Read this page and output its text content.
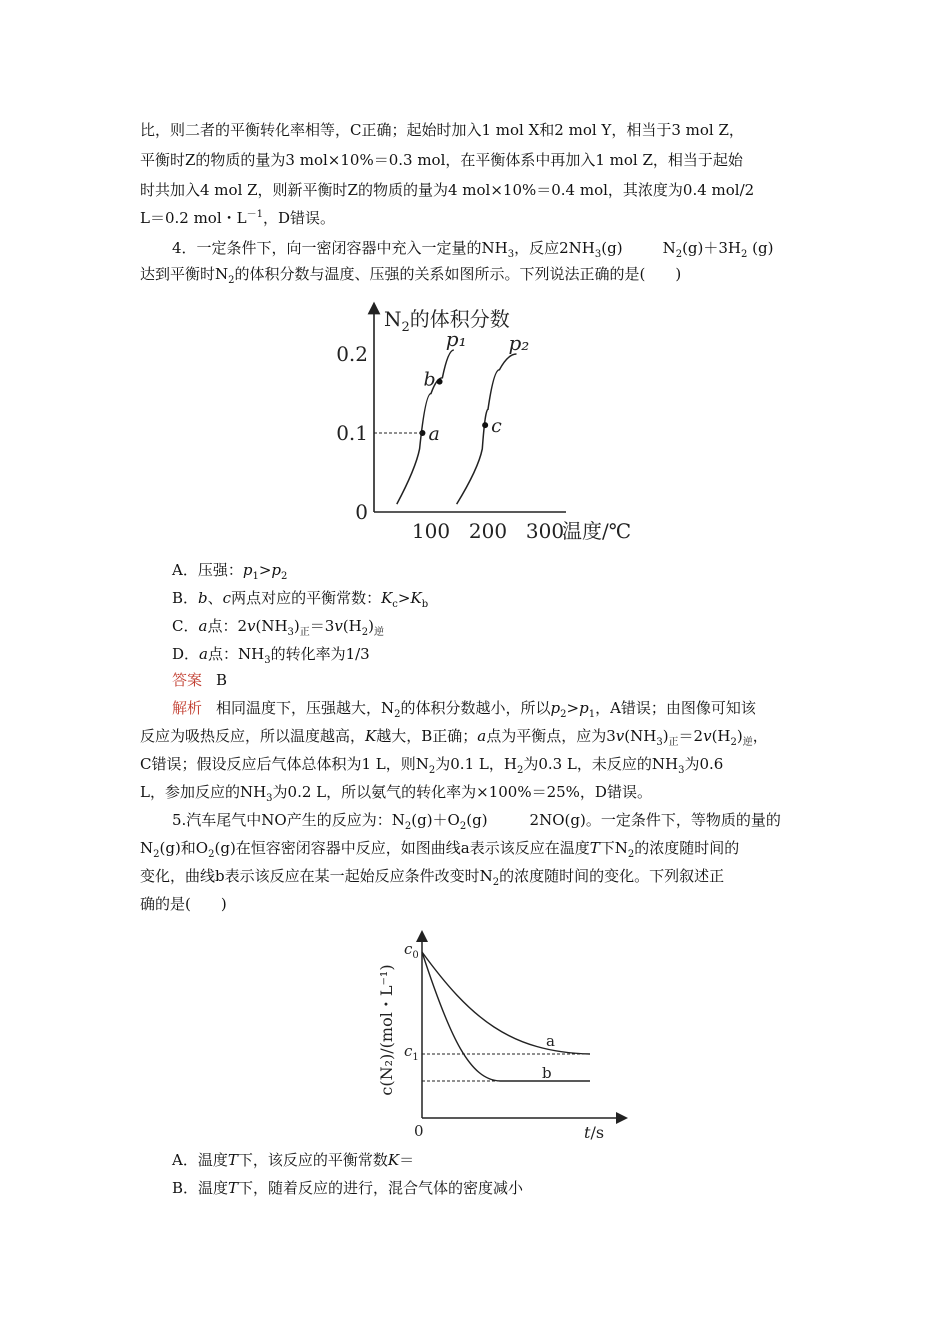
比，则二者的平衡转化率相等，C正确；起始时加入1 mol X和2 mol Y，相当于3 mol Z，
平衡时Z的物质的量为3 mol×10%＝0.3 mol，在平衡体系中再加入1 mol Z，相当于起始
时共加入4 mol Z，则新平衡时Z的物质的量为4 mol×10%＝0.4 mol，其浓度为0.4 mol/2
L＝0.2 mol・$L^{-1}$，D错误。
4．一定条件下，向一密闭容器中充入一定量的$NH_3$，反应$2NH_3(g)$	$N_2(g)+3H_2$ (g)
达到平衡时$N_2$的体积分数与温度、压强的关系如图所示。下列说法正确的是(　　)
$N_2$的体积分数
温度/℃
100 200 300
0
0.1
0.2
p₁ p₂
a
b
c
A．压强：$p_1>p_2$
B．b、c两点对应的平衡常数：$K_c>K_b$
C．a点：$2v(NH_3)_正=3v(H_2)_逆$
D．a点：$NH_3$的转化率为1/3
答案 B
解析 相同温度下，压强越大，$N_2$的体积分数越小，所以$p_2>p_1$，A错误；由图像可知该
反应为吸热反应，所以温度越高，K越大，B正确；a点为平衡点，应为$3v(NH_3)_正=2v(H_2)_逆$，
C错误；假设反应后气体总体积为1 L，则$N_2$为0.1 L，$H_2$为0.3 L，未反应的$NH_3$为0.6
L，参加反应的$NH_3$为0.2 L，所以氨气的转化率为×100%＝25%，D错误。
5.汽车尾气中NO产生的反应为：$N_2(g)+O_2(g)$	2NO(g)。一定条件下，等物质的量的
$N_2(g)$和$O_2(g)$在恒容密闭容器中反应，如图曲线a表示该反应在温度T下$N_2$的浓度随时间的
变化，曲线b表示该反应在某一起始反应条件改变时$N_2$的浓度随时间的变化。下列叙述正
确的是(　　)
c(N₂)/(mol・L⁻¹)
$c_0$
$c_1$
0	t/s
a
b
A．温度T下，该反应的平衡常数K＝
B．温度T下，随着反应的进行，混合气体的密度减小
